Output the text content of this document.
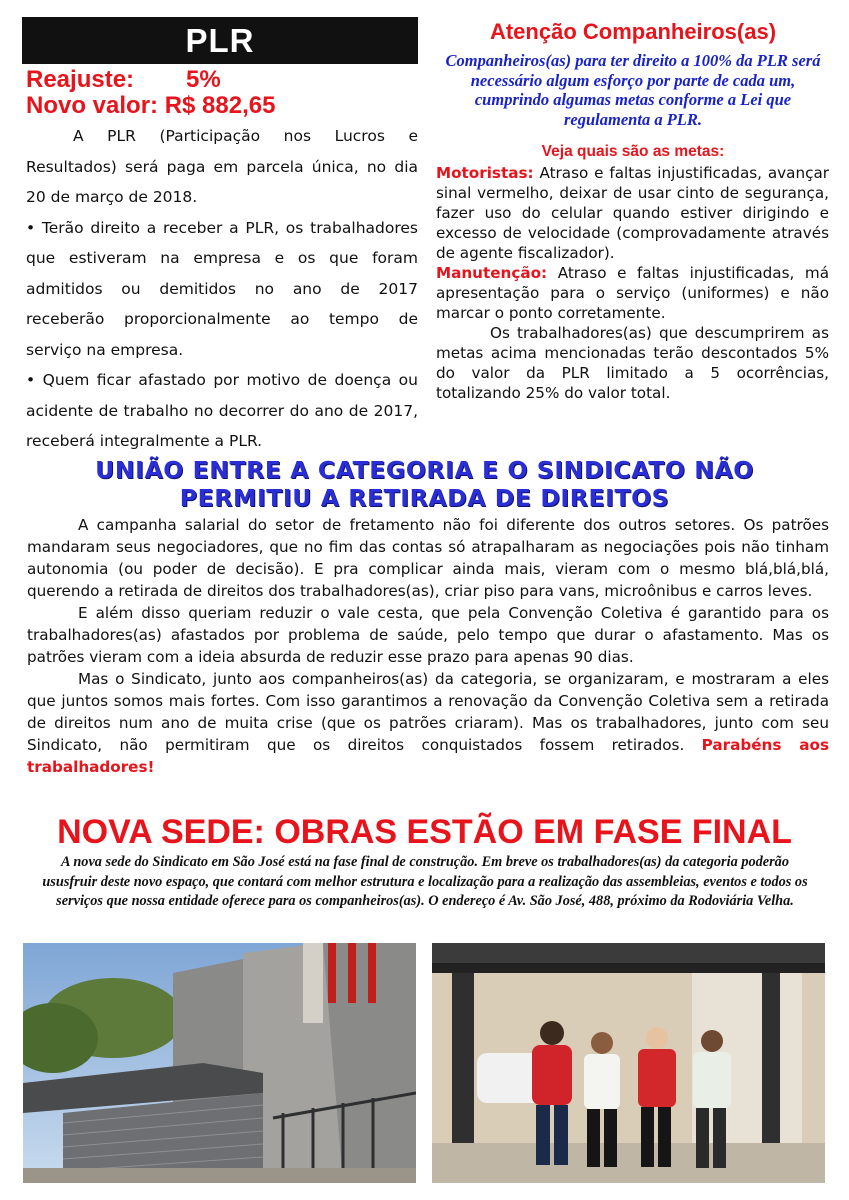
PLR
Reajuste: 5%
Novo valor: R$ 882,65

A PLR (Participação nos Lucros e Resultados) será paga em parcela única, no dia 20 de março de 2018.

• Terão direito a receber a PLR, os trabalhadores que estiveram na empresa e os que foram admitidos ou demitidos no ano de 2017 receberão proporcionalmente ao tempo de serviço na empresa.

• Quem ficar afastado por motivo de doença ou acidente de trabalho no decorrer do ano de 2017, receberá integralmente a PLR.

Atenção Companheiros(as)
Companheiros(as) para ter direito a 100% da PLR será necessário algum esforço por parte de cada um, cumprindo algumas metas conforme a Lei que regulamenta a PLR.
Veja quais são as metas:

Motoristas: Atraso e faltas injustificadas, avançar sinal vermelho, deixar de usar cinto de segurança, fazer uso do celular quando estiver dirigindo e excesso de velocidade (comprovadamente através de agente fiscalizador).

Manutenção: Atraso e faltas injustificadas, má apresentação para o serviço (uniformes) e não marcar o ponto corretamente.

Os trabalhadores(as) que descumprirem as metas acima mencionadas terão descontados 5% do valor da PLR limitado a 5 ocorrências, totalizando 25% do valor total.

UNIÃO ENTRE A CATEGORIA E O SINDICATO NÃO
PERMITIU A RETIRADA DE DIREITOS

A campanha salarial do setor de fretamento não foi diferente dos outros setores. Os patrões mandaram seus negociadores, que no fim das contas só atrapalharam as negociações pois não tinham autonomia (ou poder de decisão). E pra complicar ainda mais, vieram com o mesmo blá,blá,blá, querendo a retirada de direitos dos trabalhadores(as), criar piso para vans, microônibus e carros leves.

E além disso queriam reduzir o vale cesta, que pela Convenção Coletiva é garantido para os trabalhadores(as) afastados por problema de saúde, pelo tempo que durar o afastamento. Mas os patrões vieram com a ideia absurda de reduzir esse prazo para apenas 90 dias.

Mas o Sindicato, junto aos companheiros(as) da categoria, se organizaram, e mostraram a eles que juntos somos mais fortes. Com isso garantimos a renovação da Convenção Coletiva sem a retirada de direitos num ano de muita crise (que os patrões criaram). Mas os trabalhadores, junto com seu Sindicato, não permitiram que os direitos conquistados fossem retirados. Parabéns aos trabalhadores!

NOVA SEDE: OBRAS ESTÃO EM FASE FINAL
A nova sede do Sindicato em São José está na fase final de construção. Em breve os trabalhadores(as) da categoria poderão ususfruir deste novo espaço, que contará com melhor estrutura e localização para a realização das assembleias, eventos e todos os serviços que nossa entidade oferece para os companheiros(as). O endereço é Av. São José, 488, próximo da Rodoviária Velha.
